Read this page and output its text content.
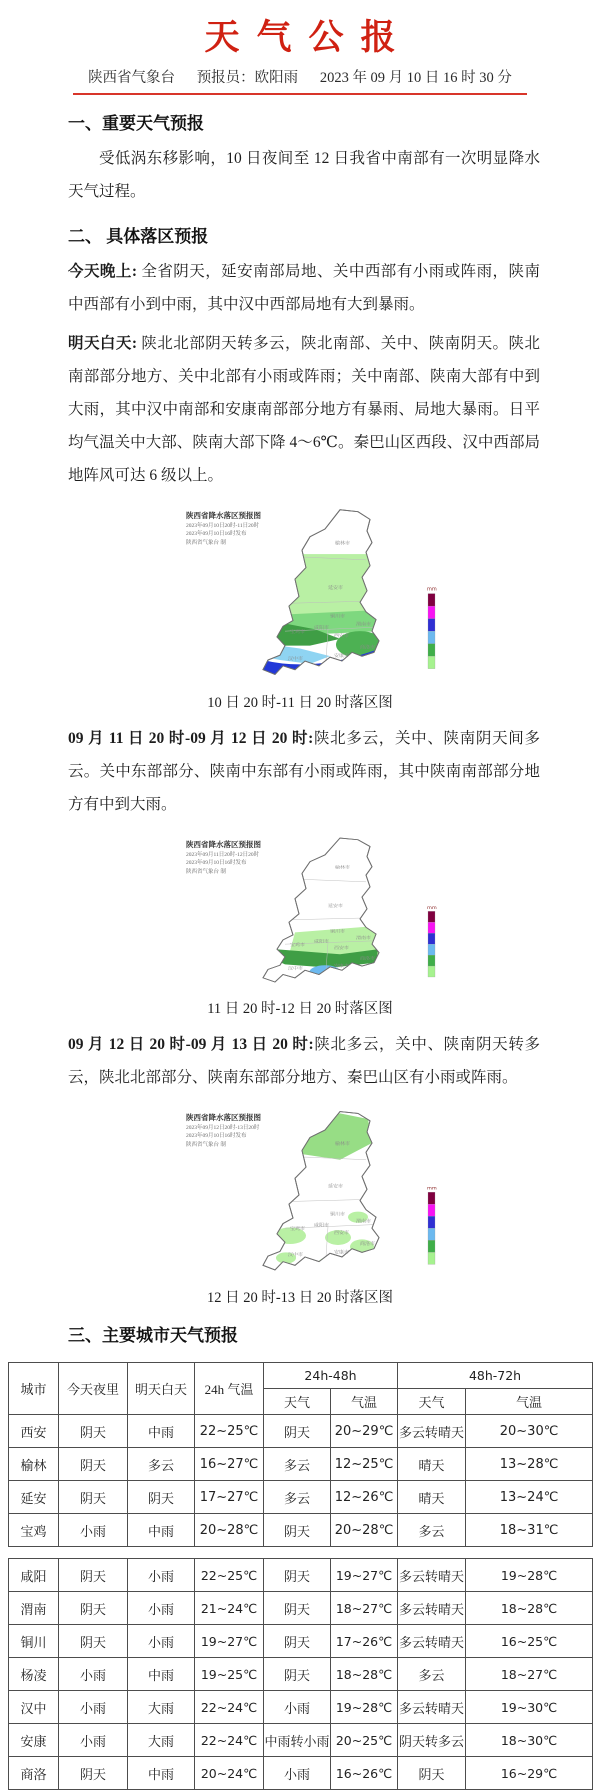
天气公报
陕西省气象台 预报员：欧阳雨 2023 年 09 月 10 日 16 时 30 分
一、重要天气预报

受低涡东移影响，10 日夜间至 12 日我省中南部有一次明显降水天气过程。

二、 具体落区预报

今天晚上: 全省阴天，延安南部局地、关中西部有小雨或阵雨，陕南中西部有小到中雨，其中汉中西部局地有大到暴雨。

明天白天: 陕北北部阴天转多云，陕北南部、关中、陕南阴天。陕北南部部分地方、关中北部有小雨或阵雨；关中南部、陕南大部有中到大雨，其中汉中南部和安康南部部分地方有暴雨、局地大暴雨。日平均气温关中大部、陕南大部下降 4～6℃。秦巴山区西段、汉中西部局地阵风可达 6 级以上。

陕西省降水落区预报图
2023年09月10日20时-11日20时
2023年09月10日16时发布
陕西省气象台 制	榆林市
延安市
铜川市
渭南市
咸阳市
西安市
宝鸡市
商洛市
汉中市	安康市
mm
10 日 20 时-11 日 20 时落区图

09 月 11 日 20 时-09 月 12 日 20 时:陕北多云，关中、陕南阴天间多云。关中东部部分、陕南中东部有小雨或阵雨，其中陕南南部部分地方有中到大雨。

陕西省降水落区预报图
2023年09月11日20时-12日20时
2023年09月10日16时发布
陕西省气象台 制
榆林市
延安市
铜川市
渭南市
咸阳市
西安市
宝鸡市
商洛市
汉中市
安康市
mm
11 日 20 时-12 日 20 时落区图

09 月 12 日 20 时-09 月 13 日 20 时:陕北多云，关中、陕南阴天转多云，陕北北部部分、陕南东部部分地方、秦巴山区有小雨或阵雨。

陕西省降水落区预报图
2023年09月12日20时-13日20时
2023年09月10日16时发布
陕西省气象台 制	榆林市
延安市
铜川市
渭南市
咸阳市
西安市
宝鸡市
商洛市
汉中市
安康市
mm
12 日 20 时-13 日 20 时落区图
三、主要城市天气预报
城市	今天夜里	明天白天	24h 气温	24h-48h		48h-72h	
				天气	气温	天气	气温
西安	阴天	中雨	22~25℃	阴天	20~29℃	多云转晴天	20~30℃
榆林	阴天	多云	16~27℃	多云	12~25℃	晴天	13~28℃
延安	阴天	阴天	17~27℃	多云	12~26℃	晴天	13~24℃
宝鸡	小雨	中雨	20~28℃	阴天	20~28℃	多云	18~31℃
咸阳	阴天	小雨	22~25℃	阴天	19~27℃	多云转晴天	19~28℃
渭南	阴天	小雨	21~24℃	阴天	18~27℃	多云转晴天	18~28℃
铜川	阴天	小雨	19~27℃	阴天	17~26℃	多云转晴天	16~25℃
杨凌	小雨	中雨	19~25℃	阴天	18~28℃	多云	18~27℃
汉中	小雨	大雨	22~24℃	小雨	19~28℃	多云转晴天	19~30℃
安康	小雨	大雨	22~24℃	中雨转小雨	20~25℃	阴天转多云	18~30℃
商洛	阴天	中雨	20~24℃	小雨	16~26℃	阴天	16~29℃
